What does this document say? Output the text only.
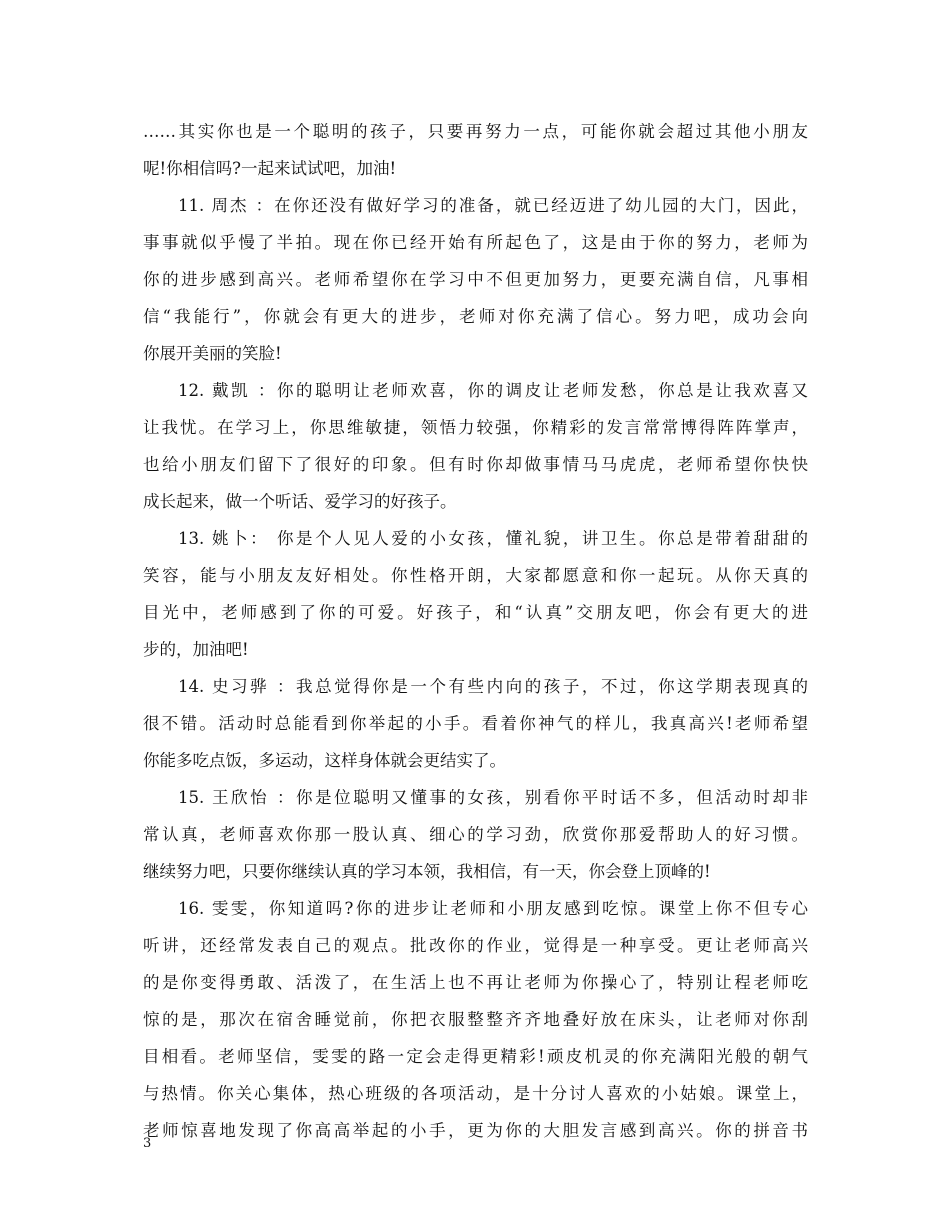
……其实你也是一个聪明的孩子，只要再努力一点，可能你就会超过其他小朋友
呢!你相信吗?一起来试试吧，加油!
11. 周杰 ：在你还没有做好学习的准备，就已经迈进了幼儿园的大门，因此，
事事就似乎慢了半拍。现在你已经开始有所起色了，这是由于你的努力，老师为
你的进步感到高兴。老师希望你在学习中不但更加努力，更要充满自信，凡事相
信“我能行”，你就会有更大的进步，老师对你充满了信心。努力吧，成功会向
你展开美丽的笑脸!
12. 戴凯 ：你的聪明让老师欢喜，你的调皮让老师发愁，你总是让我欢喜又
让我忧。在学习上，你思维敏捷，领悟力较强，你精彩的发言常常博得阵阵掌声，
也给小朋友们留下了很好的印象。但有时你却做事情马马虎虎，老师希望你快快
成长起来，做一个听话、爱学习的好孩子。
13. 姚卜： 你是个人见人爱的小女孩，懂礼貌，讲卫生。你总是带着甜甜的
笑容，能与小朋友友好相处。你性格开朗，大家都愿意和你一起玩。从你天真的
目光中，老师感到了你的可爱。好孩子，和“认真”交朋友吧，你会有更大的进
步的，加油吧!
14. 史习骅 ：我总觉得你是一个有些内向的孩子，不过，你这学期表现真的
很不错。活动时总能看到你举起的小手。看着你神气的样儿，我真高兴!老师希望
你能多吃点饭，多运动，这样身体就会更结实了。
15. 王欣怡 ：你是位聪明又懂事的女孩，别看你平时话不多，但活动时却非
常认真，老师喜欢你那一股认真、细心的学习劲，欣赏你那爱帮助人的好习惯。
继续努力吧，只要你继续认真的学习本领，我相信，有一天，你会登上顶峰的!
16. 雯雯，你知道吗?你的进步让老师和小朋友感到吃惊。课堂上你不但专心
听讲，还经常发表自己的观点。批改你的作业，觉得是一种享受。更让老师高兴
的是你变得勇敢、活泼了，在生活上也不再让老师为你操心了，特别让程老师吃
惊的是，那次在宿舍睡觉前，你把衣服整整齐齐地叠好放在床头，让老师对你刮
目相看。老师坚信，雯雯的路一定会走得更精彩!顽皮机灵的你充满阳光般的朝气
与热情。你关心集体，热心班级的各项活动，是十分讨人喜欢的小姑娘。课堂上，
老师惊喜地发现了你高高举起的小手，更为你的大胆发言感到高兴。你的拼音书
3
